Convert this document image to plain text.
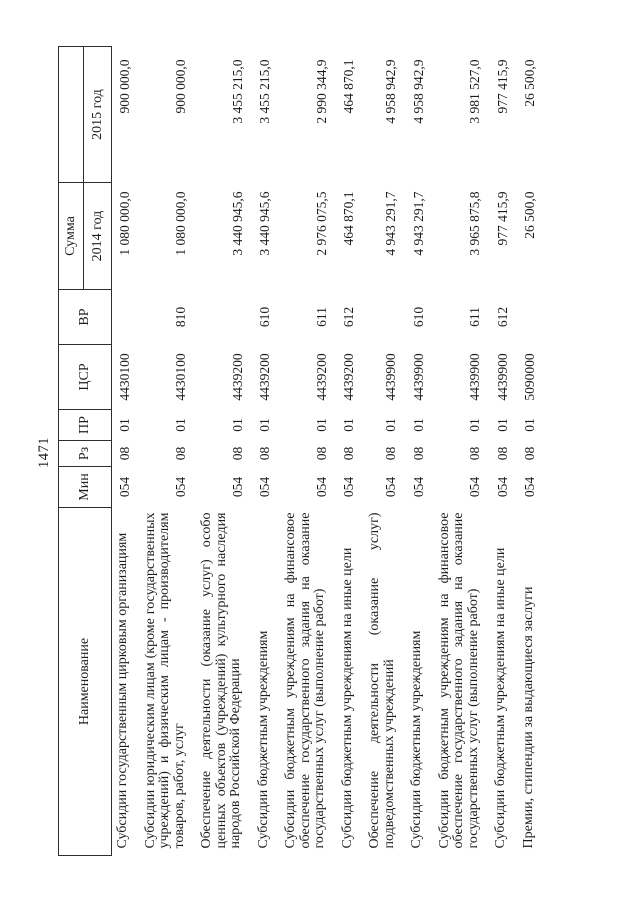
1471
Наименование	Мин	Рз	ПР	ЦСР	ВР	Сумма	
						2014 год	2015 год
Субсидии государственным цирковым организациям	054	08	01	4430100		1 080 000,0	900 000,0
Субсидии юридическим лицам (кроме государственных учреждений) и физическим лицам - производителям товаров, работ, услуг	054	08	01	4430100	810	1 080 000,0	900 000,0
Обеспечение деятельности (оказание услуг) особо ценных объектов (учреждений) культурного наследия народов Российской Федерации	054	08	01	4439200		3 440 945,6	3 455 215,0
Субсидии бюджетным учреждениям	054	08	01	4439200	610	3 440 945,6	3 455 215,0
Субсидии бюджетным учреждениям на финансовое обеспечение государственного задания на оказание государственных услуг (выполнение работ)	054	08	01	4439200	611	2 976 075,5	2 990 344,9
Субсидии бюджетным учреждениям на иные цели	054	08	01	4439200	612	464 870,1	464 870,1
Обеспечение деятельности (оказание услуг) подведомственных учреждений	054	08	01	4439900		4 943 291,7	4 958 942,9
Субсидии бюджетным учреждениям	054	08	01	4439900	610	4 943 291,7	4 958 942,9
Субсидии бюджетным учреждениям на финансовое обеспечение государственного задания на оказание государственных услуг (выполнение работ)	054	08	01	4439900	611	3 965 875,8	3 981 527,0
Субсидии бюджетным учреждениям на иные цели	054	08	01	4439900	612	977 415,9	977 415,9
Премии, стипендии за выдающиеся заслуги	054	08	01	5090000		26 500,0	26 500,0
